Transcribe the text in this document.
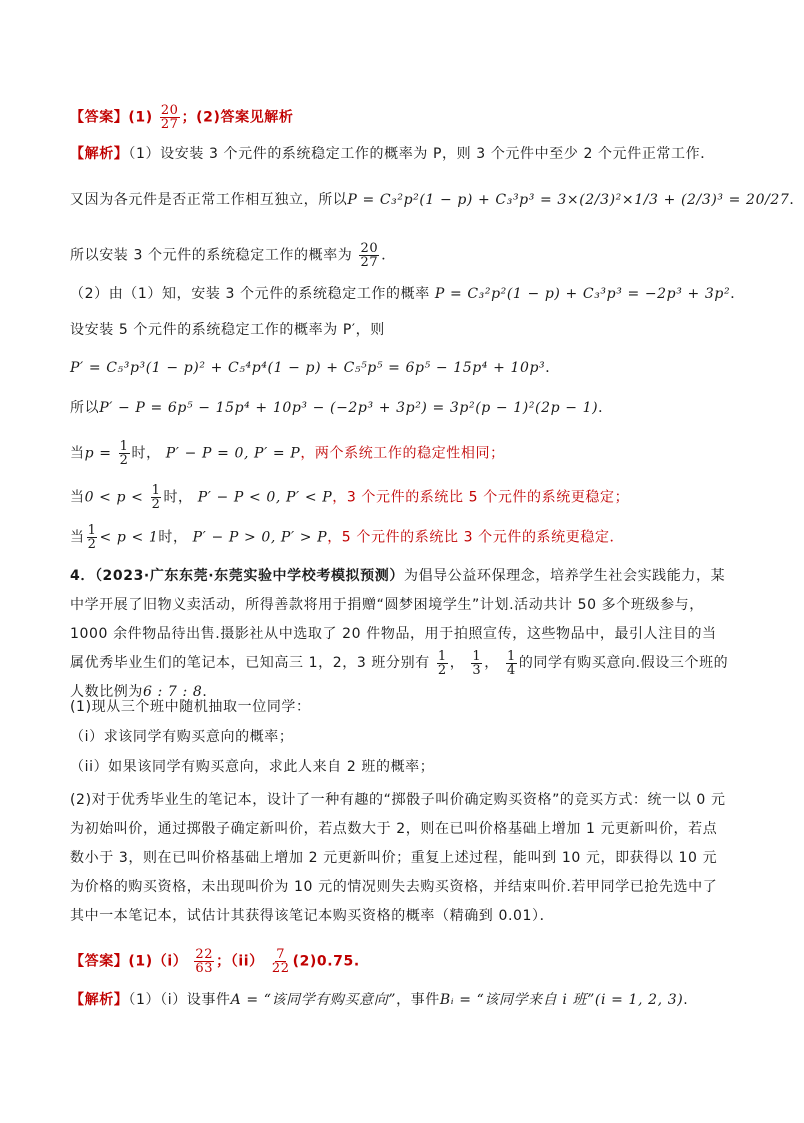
【答案】$(1) \frac{20}{27}$ ；(2)答案见解析
【解析】（1）设安装 3 个元件的系统稳定工作的概率为 P，则 3 个元件中至少 2 个元件正常工作．
又因为各元件是否正常工作相互独立，所以P = C₃²p²(1 − p) + C₃³p³ = 3×(2/3)²×1/3 + (2/3)³ = 20/27．
所以安装 3 个元件的系统稳定工作的概率为 $\frac{20}{27}$ ．
（2）由（1）知，安装 3 个元件的系统稳定工作的概率 P = C₃²p²(1 − p) + C₃³p³ = −2p³ + 3p²．
设安装 5 个元件的系统稳定工作的概率为 P′，则
P′ = C₅³p³(1 − p)² + C₅⁴p⁴(1 − p) + C₅⁵p⁵ = 6p⁵ − 15p⁴ + 10p³．
所以P′ − P = 6p⁵ − 15p⁴ + 10p³ − (−2p³ + 3p²) = 3p²(p − 1)²(2p − 1)．
当$p = \frac{1}{2}$ 时， P′ − P = 0, P′ = P，两个系统工作的稳定性相同；
当$0 < p < \frac{1}{2}$ 时， P′ − P < 0, P′ < P，3 个元件的系统比 5 个元件的系统更稳定；
当 $\frac{1}{2} < p < 1$时， P′ − P > 0, P′ > P，5 个元件的系统比 3 个元件的系统更稳定．
4．（2023·广东东莞·东莞实验中学校考模拟预测）为倡导公益环保理念，培养学生社会实践能力，某中学开展了旧物义卖活动，所得善款将用于捐赠“圆梦困境学生”计划.活动共计 50 多个班级参与，1000 余件物品待出售.摄影社从中选取了 20 件物品，用于拍照宣传，这些物品中，最引人注目的当属优秀毕业生们的笔记本，已知高三 1，2，3 班分别有 $\frac{1}{2}$ ， $\frac{1}{3}$ ， $\frac{1}{4}$ 的同学有购买意向.假设三个班的人数比例为6 : 7 : 8．
(1)现从三个班中随机抽取一位同学：
（i）求该同学有购买意向的概率；
（ii）如果该同学有购买意向，求此人来自 2 班的概率；
(2)对于优秀毕业生的笔记本，设计了一种有趣的“掷骰子叫价确定购买资格”的竞买方式：统一以 0 元为初始叫价，通过掷骰子确定新叫价，若点数大于 2，则在已叫价格基础上增加 1 元更新叫价，若点数小于 3，则在已叫价格基础上增加 2 元更新叫价；重复上述过程，能叫到 10 元，即获得以 10 元为价格的购买资格，未出现叫价为 10 元的情况则失去购买资格，并结束叫价.若甲同学已抢先选中了其中一本笔记本，试估计其获得该笔记本购买资格的概率（精确到 0.01）．
【答案】$(1)(i) \frac{22}{63}$ ；$(ii) \frac{7}{22} (2)0.75$.
【解析】（1）（i）设事件A = “该同学有购买意向”，事件Bᵢ = “该同学来自 i 班”(i = 1, 2, 3).
